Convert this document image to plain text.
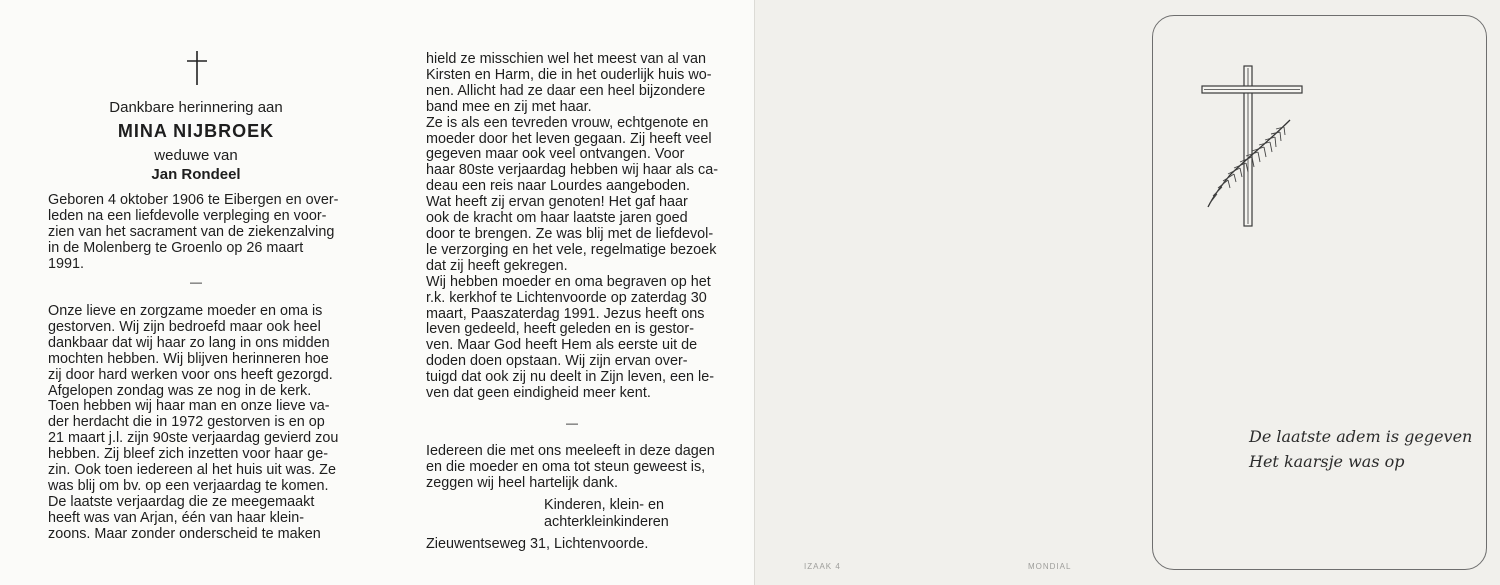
Dankbare herinnering aan

MINA NIJBROEK

weduwe van

Jan Rondeel

Geboren 4 oktober 1906 te Eibergen en over-
leden na een liefdevolle verpleging en voor-
zien van het sacrament van de ziekenzalving
in de Molenberg te Groenlo op 26 maart
1991.

—

Onze lieve en zorgzame moeder en oma is
gestorven. Wij zijn bedroefd maar ook heel
dankbaar dat wij haar zo lang in ons midden
mochten hebben. Wij blijven herinneren hoe
zij door hard werken voor ons heeft gezorgd.
Afgelopen zondag was ze nog in de kerk.
Toen hebben wij haar man en onze lieve va-
der herdacht die in 1972 gestorven is en op
21 maart j.l. zijn 90ste verjaardag gevierd zou
hebben. Zij bleef zich inzetten voor haar ge-
zin. Ook toen iedereen al het huis uit was. Ze
was blij om bv. op een verjaardag te komen.
De laatste verjaardag die ze meegemaakt
heeft was van Arjan, één van haar klein-
zoons. Maar zonder onderscheid te maken

hield ze misschien wel het meest van al van
Kirsten en Harm, die in het ouderlijk huis wo-
nen. Allicht had ze daar een heel bijzondere
band mee en zij met haar.
Ze is als een tevreden vrouw, echtgenote en
moeder door het leven gegaan. Zij heeft veel
gegeven maar ook veel ontvangen. Voor
haar 80ste verjaardag hebben wij haar als ca-
deau een reis naar Lourdes aangeboden.
Wat heeft zij ervan genoten! Het gaf haar
ook de kracht om haar laatste jaren goed
door te brengen. Ze was blij met de liefdevol-
le verzorging en het vele, regelmatige bezoek
dat zij heeft gekregen.
Wij hebben moeder en oma begraven op het
r.k. kerkhof te Lichtenvoorde op zaterdag 30
maart, Paaszaterdag 1991. Jezus heeft ons
leven gedeeld, heeft geleden en is gestor-
ven. Maar God heeft Hem als eerste uit de
doden doen opstaan. Wij zijn ervan over-
tuigd dat ook zij nu deelt in Zijn leven, een le-
ven dat geen eindigheid meer kent.

—

Iedereen die met ons meeleeft in deze dagen
en die moeder en oma tot steun geweest is,
zeggen wij heel hartelijk dank.

Kinderen, klein- en
achterkleinkinderen

Zieuwentseweg 31, Lichtenvoorde.

De laatste adem is gegeven
Het kaarsje was op

IZAAK 4	MONDIAL
